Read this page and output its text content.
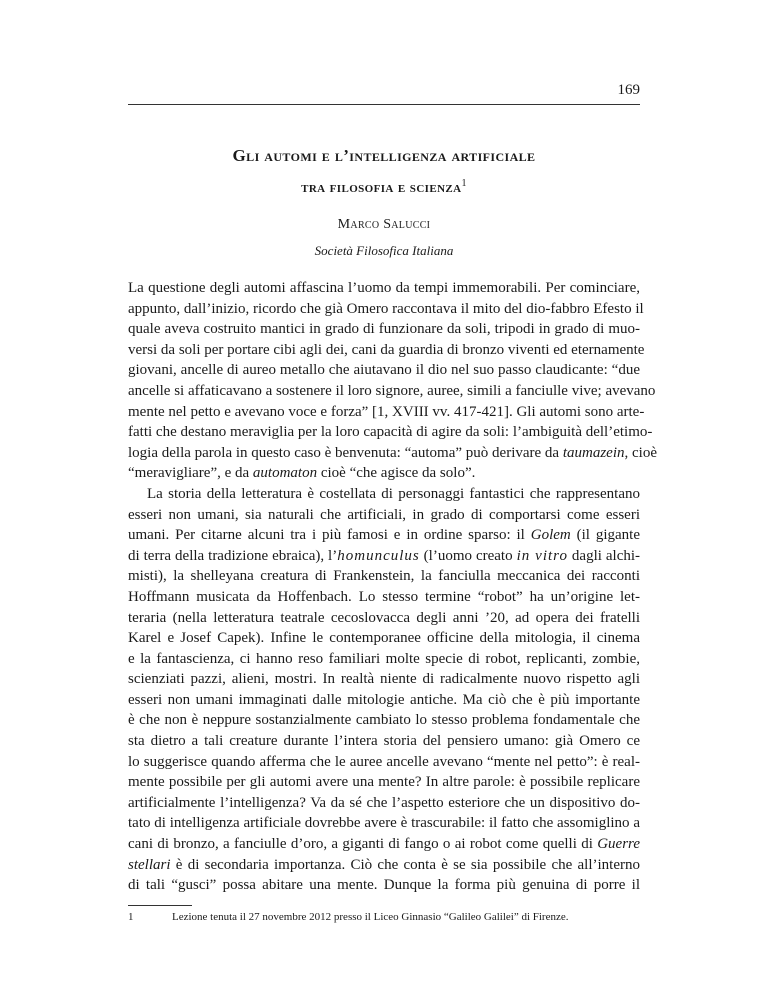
169
Gli automi e l’intelligenza artificiale
tra filosofia e scienza$^1$
Marco Salucci
Società Filosofica Italiana
La questione degli automi affascina l’uomo da tempi immemorabili. Per cominciare,
appunto, dall’inizio, ricordo che già Omero raccontava il mito del dio-fabbro Efesto il
quale aveva costruito mantici in grado di funzionare da soli, tripodi in grado di muo-
versi da soli per portare cibi agli dei, cani da guardia di bronzo viventi ed eternamente
giovani, ancelle di aureo metallo che aiutavano il dio nel suo passo claudicante: “due
ancelle si affaticavano a sostenere il loro signore, auree, simili a fanciulle vive; avevano
mente nel petto e avevano voce e forza” [1, XVIII vv. 417-421]. Gli automi sono arte-
fatti che destano meraviglia per la loro capacità di agire da soli: l’ambiguità dell’etimo-
logia della parola in questo caso è benvenuta: “automa” può derivare da taumazein, cioè
“meravigliare”, e da automaton cioè “che agisce da solo”.
La storia della letteratura è costellata di personaggi fantastici che rappresentano
esseri non umani, sia naturali che artificiali, in grado di comportarsi come esseri
umani. Per citarne alcuni tra i più famosi e in ordine sparso: il Golem (il gigante
di terra della tradizione ebraica), l’homunculus (l’uomo creato in vitro dagli alchi-
misti), la shelleyana creatura di Frankenstein, la fanciulla meccanica dei racconti
Hoffmann musicata da Hoffenbach. Lo stesso termine “robot” ha un’origine let-
teraria (nella letteratura teatrale cecoslovacca degli anni ’20, ad opera dei fratelli
Karel e Josef Capek). Infine le contemporanee officine della mitologia, il cinema
e la fantascienza, ci hanno reso familiari molte specie di robot, replicanti, zombie,
scienziati pazzi, alieni, mostri. In realtà niente di radicalmente nuovo rispetto agli
esseri non umani immaginati dalle mitologie antiche. Ma ciò che è più importante
è che non è neppure sostanzialmente cambiato lo stesso problema fondamentale che
sta dietro a tali creature durante l’intera storia del pensiero umano: già Omero ce
lo suggerisce quando afferma che le auree ancelle avevano “mente nel petto”: è real-
mente possibile per gli automi avere una mente? In altre parole: è possibile replicare
artificialmente l’intelligenza? Va da sé che l’aspetto esteriore che un dispositivo do-
tato di intelligenza artificiale dovrebbe avere è trascurabile: il fatto che assomiglino a
cani di bronzo, a fanciulle d’oro, a giganti di fango o ai robot come quelli di Guerre
stellari è di secondaria importanza. Ciò che conta è se sia possibile che all’interno
di tali “gusci” possa abitare una mente. Dunque la forma più genuina di porre il
1	Lezione tenuta il 27 novembre 2012 presso il Liceo Ginnasio “Galileo Galilei” di Firenze.
